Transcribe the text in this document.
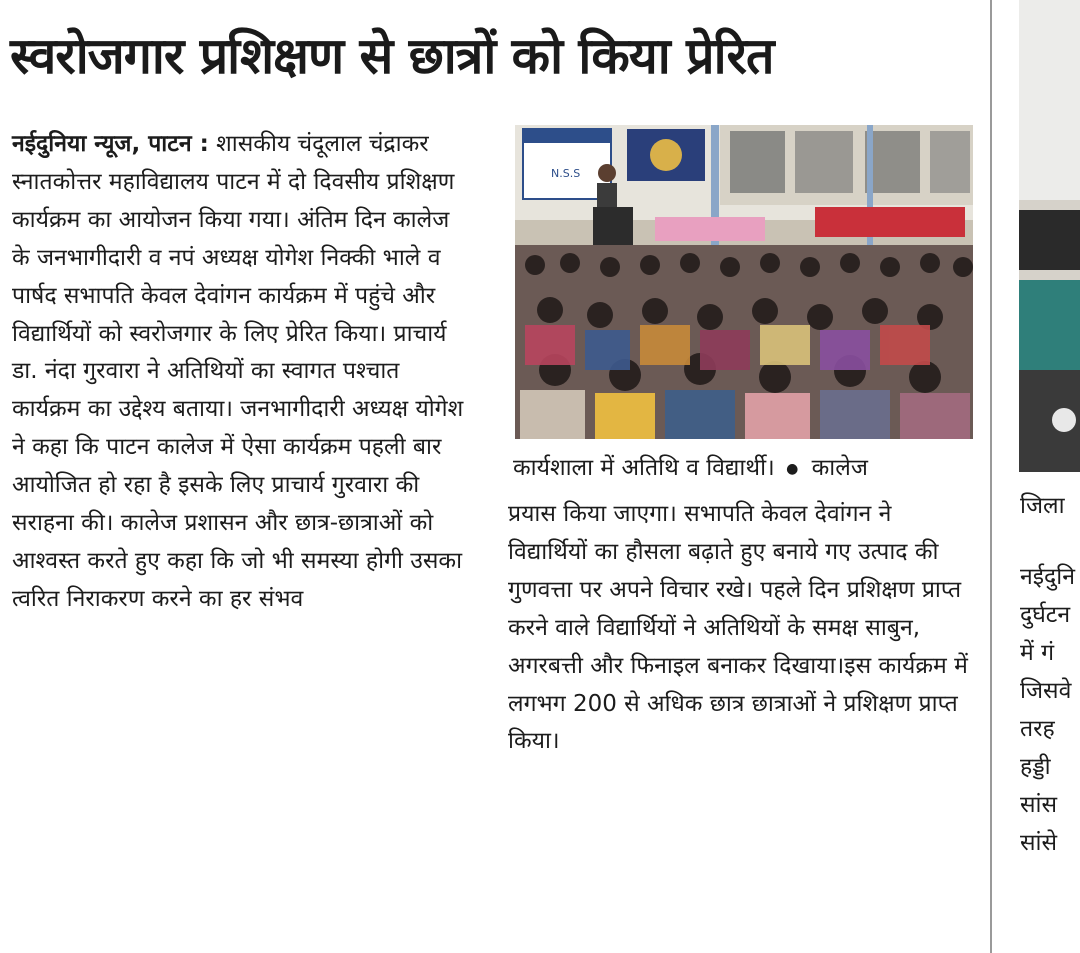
स्वरोजगार प्रशिक्षण से छात्रों को किया प्रेरित

नईदुनिया न्यूज, पाटन : शासकीय चंदूलाल चंद्राकर स्नातकोत्तर महाविद्यालय पाटन में दो दिवसीय प्रशिक्षण कार्यक्रम का आयोजन किया गया। अंतिम दिन कालेज के जनभागीदारी व नपं अध्यक्ष योगेश निक्की भाले व पार्षद सभापति केवल देवांगन कार्यक्रम में पहुंचे और विद्यार्थियों को स्वरोजगार के लिए प्रेरित किया। प्राचार्य डा. नंदा गुरवारा ने अतिथियों का स्वागत पश्चात कार्यक्रम का उद्देश्य बताया। जनभागीदारी अध्यक्ष योगेश ने कहा कि पाटन कालेज में ऐसा कार्यक्रम पहली बार आयोजित हो रहा है इसके लिए प्राचार्य गुरवारा की सराहना की। कालेज प्रशासन और छात्र-छात्राओं को आश्वस्त करते हुए कहा कि जो भी समस्या होगी उसका त्वरित निराकरण करने का हर संभव

N.S.S
कार्यशाला में अतिथि व विद्यार्थी। ● कालेज

प्रयास किया जाएगा। सभापति केवल देवांगन ने विद्यार्थियों का हौसला बढ़ाते हुए बनाये गए उत्पाद की गुणवत्ता पर अपने विचार रखे। पहले दिन प्रशिक्षण प्राप्त करने वाले विद्यार्थियों ने अतिथियों के समक्ष साबुन, अगरबत्ती और फिनाइल बनाकर दिखाया।इस कार्यक्रम में लगभग 200 से अधिक छात्र छात्राओं ने प्रशिक्षण प्राप्त किया।

जिला
नईदुनि
दुर्घटन
में गं
जिसवे
तरह
हड्डी
सांस
सांसे
